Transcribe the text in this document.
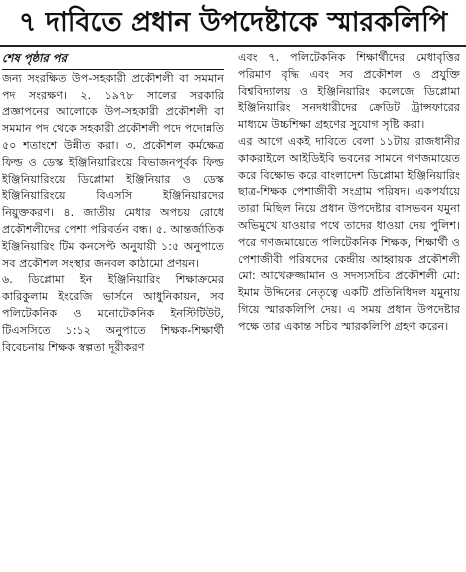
৭ দাবিতে প্রধান উপদেষ্টাকে স্মারকলিপি
শেষ পৃষ্ঠার পর

জন্য সংরক্ষিত উপ-সহকারী প্রকৌশলী বা সমমান পদ সংরক্ষণ। ২. ১৯৭৮ সালের সরকারি প্রজ্ঞাপনের আলোকে উপ-সহকারী প্রকৌশলী বা সমমান পদ থেকে সহকারী প্রকৌশলী পদে পদোন্নতি ৫০ শতাংশে উন্নীত করা। ৩. প্রকৌশল কর্মক্ষেত্র ফিল্ড ও ডেস্ক ইঞ্জিনিয়ারিংয়ে বিভাজনপূর্বক ফিল্ড ইঞ্জিনিয়ারিংয়ে ডিপ্লোমা ইঞ্জিনিয়ার ও ডেস্ক ইঞ্জিনিয়ারিংয়ে বিএসসি ইঞ্জিনিয়ারদের নিয়ুক্তকরণ। ৪. জাতীয় মেধার অপচয় রোধে প্রকৌশলীদের পেশা পরিবর্তন বন্ধ। ৫. আন্তর্জাতিক ইঞ্জিনিয়ারিং টিম কনসেপ্ট অনুযায়ী ১:৫ অনুপাতে সব প্রকৌশল সংস্থার জনবল কাঠামো প্রণয়ন।

৬. ডিপ্লোমা ইন ইঞ্জিনিয়ারিং শিক্ষাক্রমের কারিকুলাম ইংরেজি ভার্সনে আধুনিকায়ন, সব পলিটেকনিক ও মনোটেকনিক ইনস্টিটিউট, টিএসসিতে ১:১২ অনুপাতে শিক্ষক-শিক্ষার্থী বিবেচনায় শিক্ষক স্বল্পতা দূরীকরণ

এবং ৭. পলিটেকনিক শিক্ষার্থীদের মেধাবৃত্তির পরিমাণ বৃদ্ধি এবং সব প্রকৌশল ও প্রযুক্তি বিশ্ববিদ্যালয় ও ইঞ্জিনিয়ারিং কলেজে ডিপ্লোমা ইঞ্জিনিয়ারিং সনদধারীদের ক্রেডিট ট্রান্সফারের মাধ্যমে উচ্চশিক্ষা গ্রহণের সুযোগ সৃষ্টি করা।

এর আগে একই দাবিতে বেলা ১১টায় রাজধানীর কাকরাইলে আইডিইবি ভবনের সামনে গণজমায়েত করে বিক্ষোভ করে বাংলাদেশ ডিপ্লোমা ইঞ্জিনিয়ারিং ছাত্র-শিক্ষক পেশাজীবী সংগ্রাম পরিষদ। একপর্যায়ে তারা মিছিল নিয়ে প্রধান উপদেষ্টার বাসভবন যমুনা অভিমুখে যাওয়ার পথে তাদের ধাওয়া দেয় পুলিশ। পরে গণজমায়েতে পলিটেকনিক শিক্ষক, শিক্ষার্থী ও পেশাজীবী পরিষদের কেন্দ্রীয় আহ্বায়ক প্রকৌশলী মো: আখেরুজ্জামান ও সদস্যসচিব প্রকৌশলী মো: ইমাম উদ্দিনের নেতৃত্বে একটি প্রতিনিধিদল যমুনায় গিয়ে স্মারকলিপি দেয়। এ সময় প্রধান উপদেষ্টার পক্ষে তার একান্ত সচিব স্মারকলিপি গ্রহণ করেন।
